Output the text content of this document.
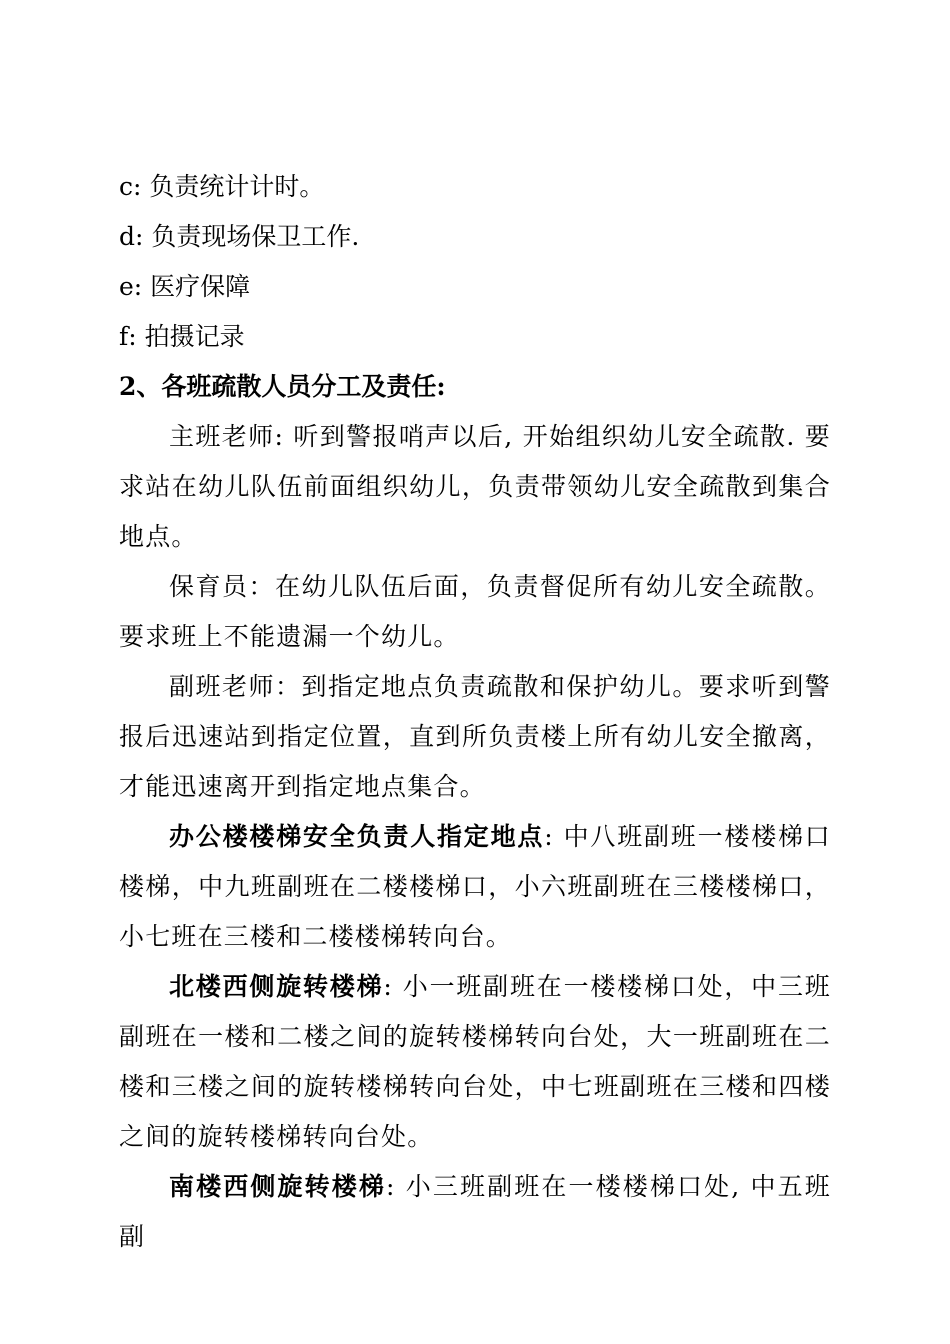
c: 负责统计计时。

d: 负责现场保卫工作.

e: 医疗保障

f: 拍摄记录

2、各班疏散人员分工及责任:

主班老师: 听到警报哨声以后, 开始组织幼儿安全疏散. 要求站在幼儿队伍前面组织幼儿，负责带领幼儿安全疏散到集合地点。

保育员：在幼儿队伍后面，负责督促所有幼儿安全疏散。要求班上不能遗漏一个幼儿。

副班老师：到指定地点负责疏散和保护幼儿。要求听到警报后迅速站到指定位置，直到所负责楼上所有幼儿安全撤离，才能迅速离开到指定地点集合。

办公楼楼梯安全负责人指定地点: 中八班副班一楼楼梯口楼梯，中九班副班在二楼楼梯口，小六班副班在三楼楼梯口，小七班在三楼和二楼楼梯转向台。

北楼西侧旋转楼梯: 小一班副班在一楼楼梯口处，中三班副班在一楼和二楼之间的旋转楼梯转向台处，大一班副班在二楼和三楼之间的旋转楼梯转向台处，中七班副班在三楼和四楼之间的旋转楼梯转向台处。

南楼西侧旋转楼梯: 小三班副班在一楼楼梯口处, 中五班副
